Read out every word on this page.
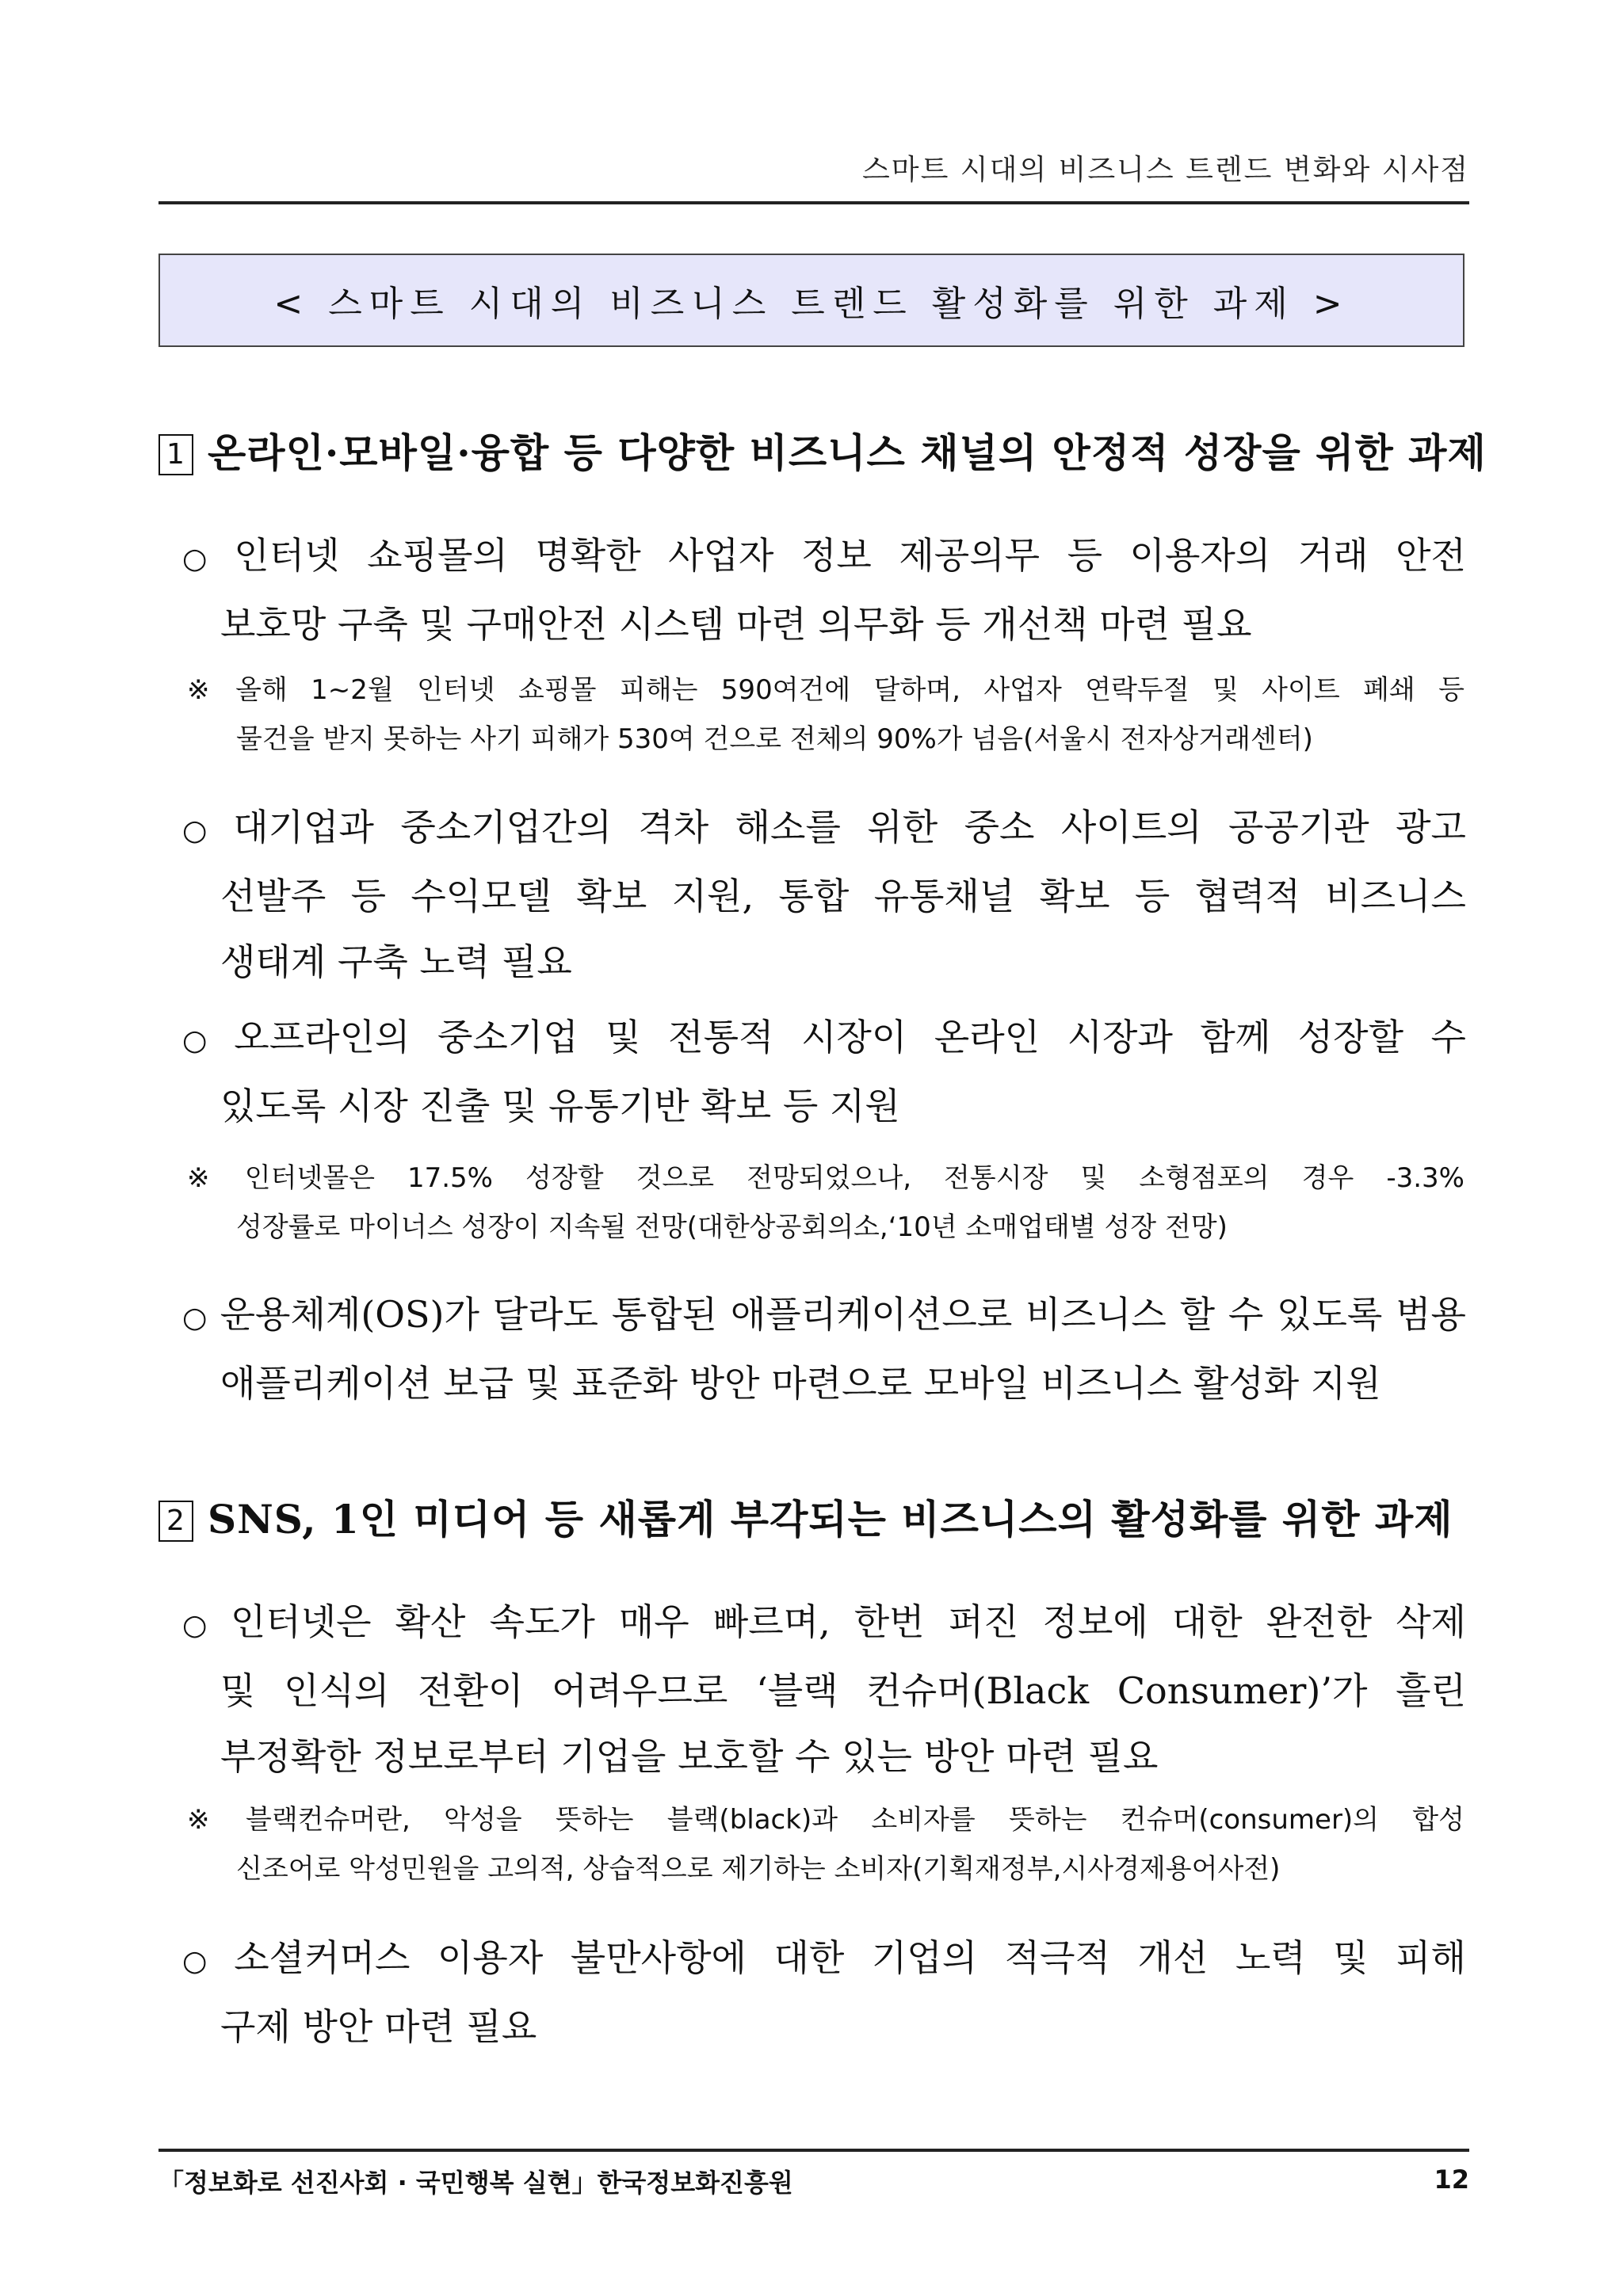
스마트 시대의 비즈니스 트렌드 변화와 시사점
< 스마트 시대의 비즈니스 트렌드 활성화를 위한 과제 >
1 온라인·모바일·융합 등 다양한 비즈니스 채널의 안정적 성장을 위한 과제
○ 인터넷 쇼핑몰의 명확한 사업자 정보 제공의무 등 이용자의 거래 안전
보호망 구축 및 구매안전 시스템 마련 의무화 등 개선책 마련 필요
※ 올해 1~2월 인터넷 쇼핑몰 피해는 590여건에 달하며, 사업자 연락두절 및 사이트 폐쇄 등
물건을 받지 못하는 사기 피해가 530여 건으로 전체의 90%가 넘음(서울시 전자상거래센터)
○ 대기업과 중소기업간의 격차 해소를 위한 중소 사이트의 공공기관 광고
선발주 등 수익모델 확보 지원, 통합 유통채널 확보 등 협력적 비즈니스
생태계 구축 노력 필요
○ 오프라인의 중소기업 및 전통적 시장이 온라인 시장과 함께 성장할 수
있도록 시장 진출 및 유통기반 확보 등 지원
※ 인터넷몰은 17.5% 성장할 것으로 전망되었으나, 전통시장 및 소형점포의 경우 -3.3%
성장률로 마이너스 성장이 지속될 전망(대한상공회의소,‘10년 소매업태별 성장 전망)
○ 운용체계(OS)가 달라도 통합된 애플리케이션으로 비즈니스 할 수 있도록 범용
애플리케이션 보급 및 표준화 방안 마련으로 모바일 비즈니스 활성화 지원
2 SNS, 1인 미디어 등 새롭게 부각되는 비즈니스의 활성화를 위한 과제
○ 인터넷은 확산 속도가 매우 빠르며, 한번 퍼진 정보에 대한 완전한 삭제
및 인식의 전환이 어려우므로 ‘블랙 컨슈머(Black Consumer)’가 흘린
부정확한 정보로부터 기업을 보호할 수 있는 방안 마련 필요
※ 블랙컨슈머란, 악성을 뜻하는 블랙(black)과 소비자를 뜻하는 컨슈머(consumer)의 합성
신조어로 악성민원을 고의적, 상습적으로 제기하는 소비자(기획재정부,시사경제용어사전)
○ 소셜커머스 이용자 불만사항에 대한 기업의 적극적 개선 노력 및 피해
구제 방안 마련 필요
「정보화로 선진사회 · 국민행복 실현」한국정보화진흥원	12
